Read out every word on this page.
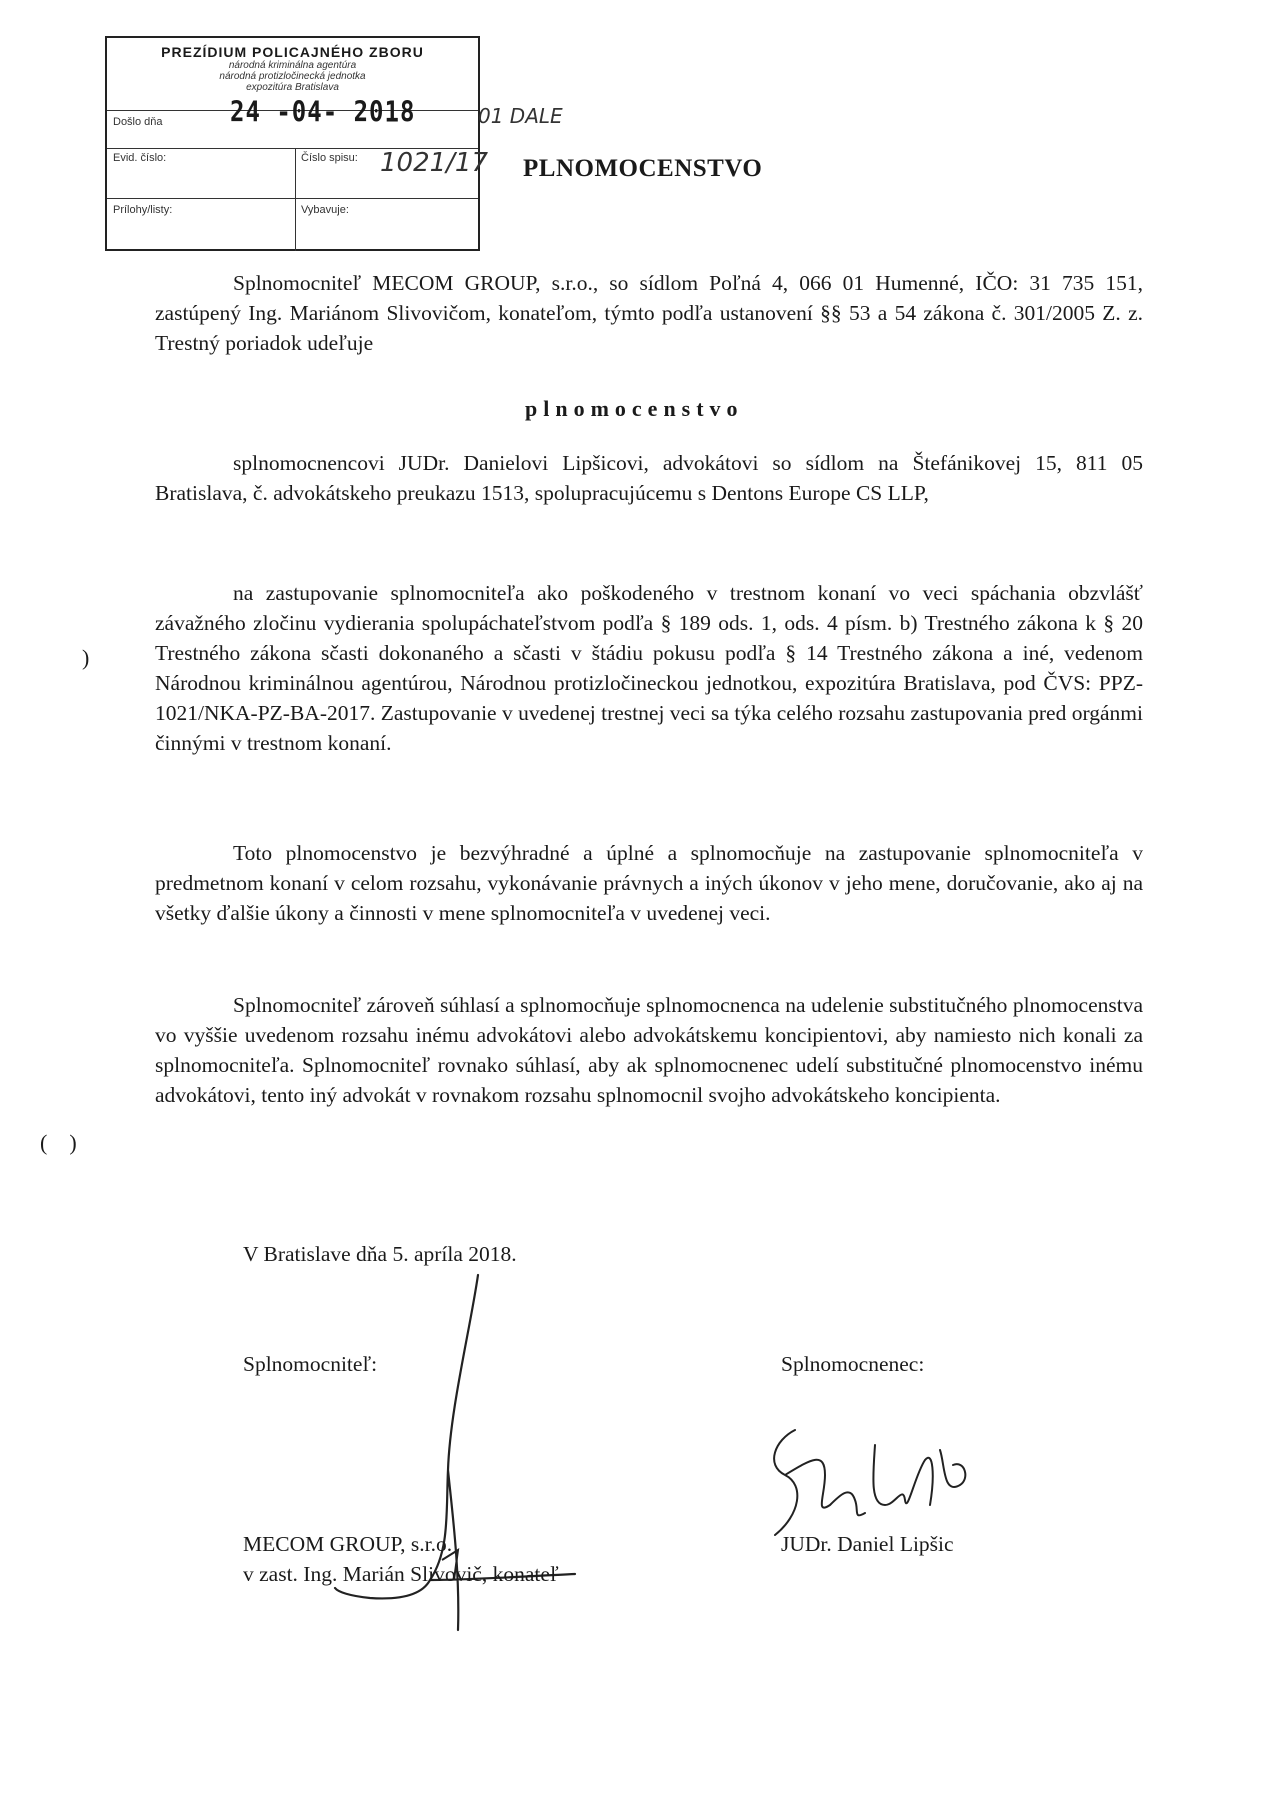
PREZÍDIUM POLICAJNÉHO ZBORU
národná kriminálna agentúra
národná protizločinecká jednotka
expozitúra Bratislava
Došlo dňa
Evid. číslo:	Číslo spisu:
Prílohy/listy:	Vybavuje:
24 -04- 2018
1021/17
01 DALE
PLNOMOCENSTVO
Splnomocniteľ MECOM GROUP, s.r.o., so sídlom Poľná 4, 066 01 Humenné, IČO: 31 735 151, zastúpený Ing. Mariánom Slivovičom, konateľom, týmto podľa ustanovení §§ 53 a 54 zákona č. 301/2005 Z. z. Trestný poriadok udeľuje
plnomocenstvo
splnomocnencovi JUDr. Danielovi Lipšicovi, advokátovi so sídlom na Štefánikovej 15, 811 05 Bratislava, č. advokátskeho preukazu 1513, spolupracujúcemu s Dentons Europe CS LLP,
na zastupovanie splnomocniteľa ako poškodeného v trestnom konaní vo veci spáchania obzvlášť závažného zločinu vydierania spolupáchateľstvom podľa § 189 ods. 1, ods. 4 písm. b) Trestného zákona k § 20 Trestného zákona sčasti dokonaného a sčasti v štádiu pokusu podľa § 14 Trestného zákona a iné, vedenom Národnou kriminálnou agentúrou, Národnou protizločineckou jednotkou, expozitúra Bratislava, pod ČVS: PPZ-1021/NKA-PZ-BA-2017. Zastupovanie v uvedenej trestnej veci sa týka celého rozsahu zastupovania pred orgánmi činnými v trestnom konaní.
Toto plnomocenstvo je bezvýhradné a úplné a splnomocňuje na zastupovanie splnomocniteľa v predmetnom konaní v celom rozsahu, vykonávanie právnych a iných úkonov v jeho mene, doručovanie, ako aj na všetky ďalšie úkony a činnosti v mene splnomocniteľa v uvedenej veci.
Splnomocniteľ zároveň súhlasí a splnomocňuje splnomocnenca na udelenie substitučného plnomocenstva vo vyššie uvedenom rozsahu inému advokátovi alebo advokátskemu koncipientovi, aby namiesto nich konali za splnomocniteľa. Splnomocniteľ rovnako súhlasí, aby ak splnomocnenec udelí substitučné plnomocenstvo inému advokátovi, tento iný advokát v rovnakom rozsahu splnomocnil svojho advokátskeho koncipienta.
)
(    )
V Bratislave dňa 5. apríla 2018.
Splnomocniteľ:	Splnomocnenec:
MECOM GROUP, s.r.o.
v zast. Ing. Marián Slivovič, konateľ
JUDr. Daniel Lipšic
